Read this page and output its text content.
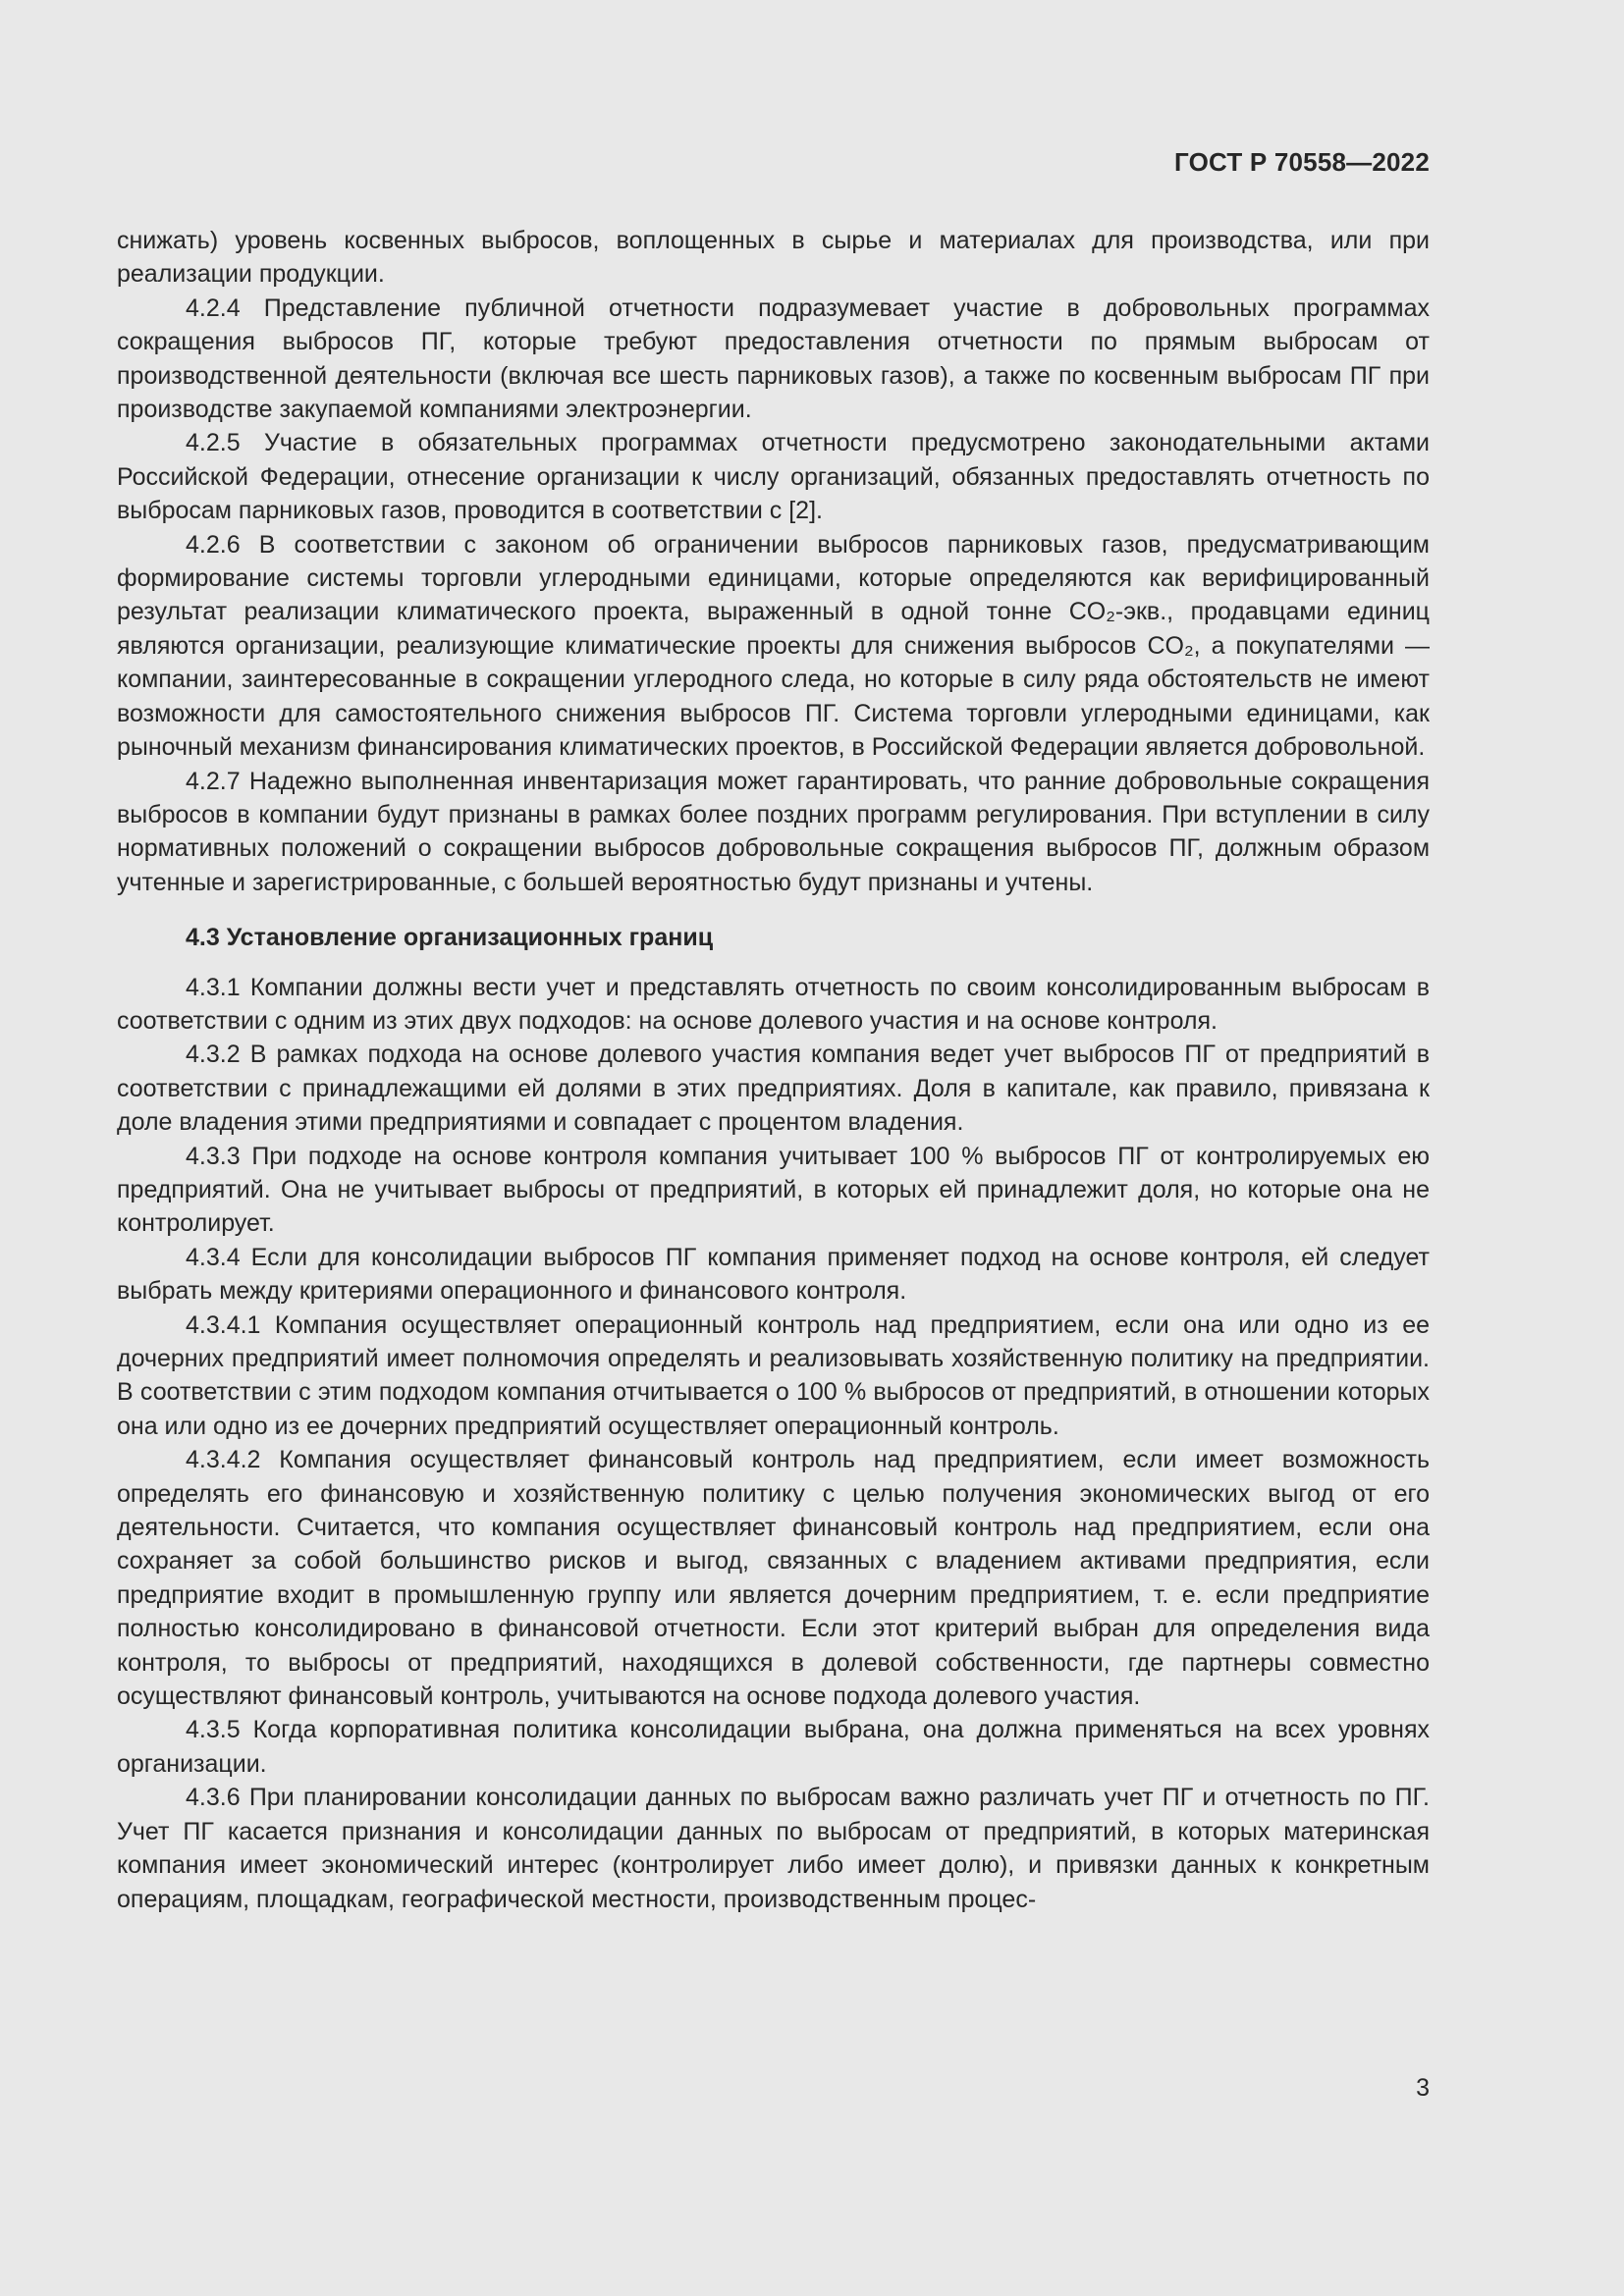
ГОСТ Р 70558—2022

снижать) уровень косвенных выбросов, воплощенных в сырье и материалах для производства, или при реализации продукции.

4.2.4 Представление публичной отчетности подразумевает участие в добровольных программах сокращения выбросов ПГ, которые требуют предоставления отчетности по прямым выбросам от производственной деятельности (включая все шесть парниковых газов), а также по косвенным выбросам ПГ при производстве закупаемой компаниями электроэнергии.

4.2.5 Участие в обязательных программах отчетности предусмотрено законодательными актами Российской Федерации, отнесение организации к числу организаций, обязанных предоставлять отчетность по выбросам парниковых газов, проводится в соответствии с [2].

4.2.6 В соответствии с законом об ограничении выбросов парниковых газов, предусматривающим формирование системы торговли углеродными единицами, которые определяются как верифицированный результат реализации климатического проекта, выраженный в одной тонне CO₂-экв., продавцами единиц являются организации, реализующие климатические проекты для снижения выбросов CO₂, а покупателями — компании, заинтересованные в сокращении углеродного следа, но которые в силу ряда обстоятельств не имеют возможности для самостоятельного снижения выбросов ПГ. Система торговли углеродными единицами, как рыночный механизм финансирования климатических проектов, в Российской Федерации является добровольной.

4.2.7 Надежно выполненная инвентаризация может гарантировать, что ранние добровольные сокращения выбросов в компании будут признаны в рамках более поздних программ регулирования. При вступлении в силу нормативных положений о сокращении выбросов добровольные сокращения выбросов ПГ, должным образом учтенные и зарегистрированные, с большей вероятностью будут признаны и учтены.

4.3 Установление организационных границ

4.3.1 Компании должны вести учет и представлять отчетность по своим консолидированным выбросам в соответствии с одним из этих двух подходов: на основе долевого участия и на основе контроля.

4.3.2 В рамках подхода на основе долевого участия компания ведет учет выбросов ПГ от предприятий в соответствии с принадлежащими ей долями в этих предприятиях. Доля в капитале, как правило, привязана к доле владения этими предприятиями и совпадает с процентом владения.

4.3.3 При подходе на основе контроля компания учитывает 100 % выбросов ПГ от контролируемых ею предприятий. Она не учитывает выбросы от предприятий, в которых ей принадлежит доля, но которые она не контролирует.

4.3.4 Если для консолидации выбросов ПГ компания применяет подход на основе контроля, ей следует выбрать между критериями операционного и финансового контроля.

4.3.4.1 Компания осуществляет операционный контроль над предприятием, если она или одно из ее дочерних предприятий имеет полномочия определять и реализовывать хозяйственную политику на предприятии. В соответствии с этим подходом компания отчитывается о 100 % выбросов от предприятий, в отношении которых она или одно из ее дочерних предприятий осуществляет операционный контроль.

4.3.4.2 Компания осуществляет финансовый контроль над предприятием, если имеет возможность определять его финансовую и хозяйственную политику с целью получения экономических выгод от его деятельности. Считается, что компания осуществляет финансовый контроль над предприятием, если она сохраняет за собой большинство рисков и выгод, связанных с владением активами предприятия, если предприятие входит в промышленную группу или является дочерним предприятием, т. е. если предприятие полностью консолидировано в финансовой отчетности. Если этот критерий выбран для определения вида контроля, то выбросы от предприятий, находящихся в долевой собственности, где партнеры совместно осуществляют финансовый контроль, учитываются на основе подхода долевого участия.

4.3.5 Когда корпоративная политика консолидации выбрана, она должна применяться на всех уровнях организации.

4.3.6 При планировании консолидации данных по выбросам важно различать учет ПГ и отчетность по ПГ. Учет ПГ касается признания и консолидации данных по выбросам от предприятий, в которых материнская компания имеет экономический интерес (контролирует либо имеет долю), и привязки данных к конкретным операциям, площадкам, географической местности, производственным процес-

3
